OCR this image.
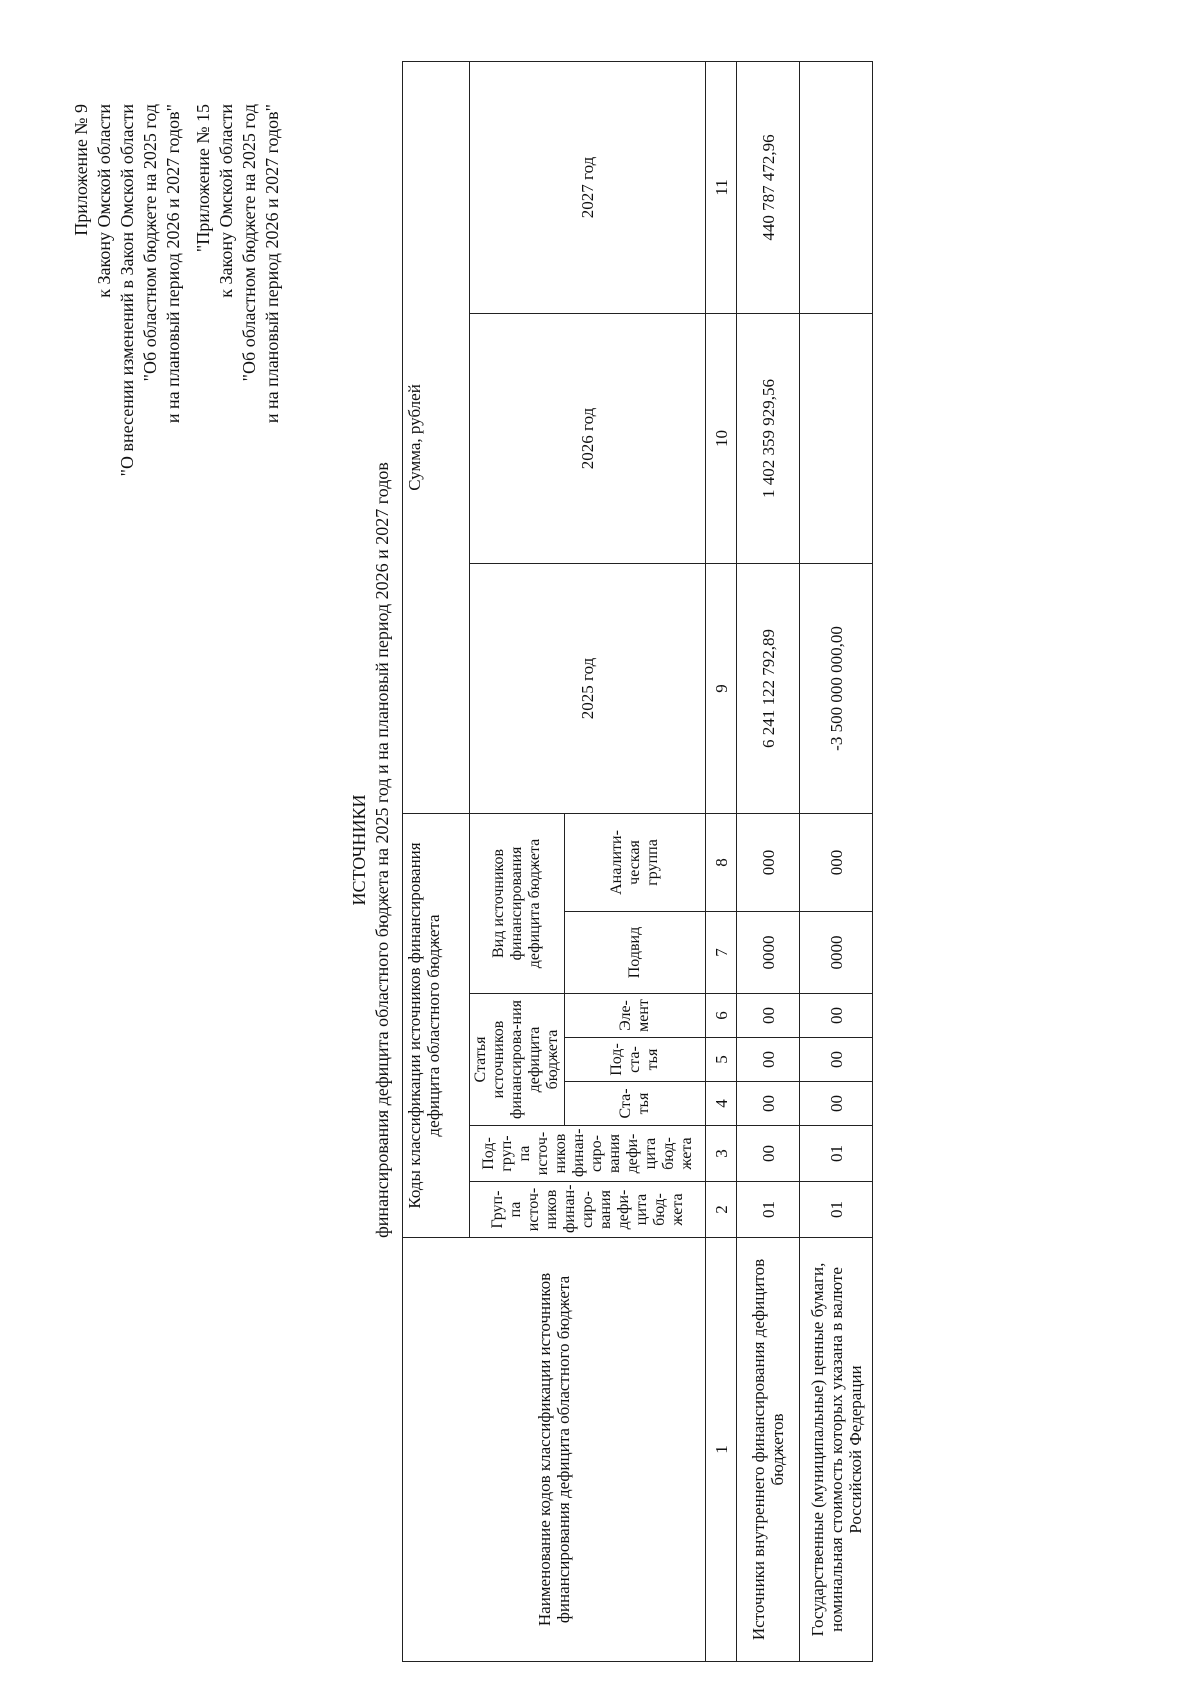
Приложение № 9 к Закону Омской области "О внесении изменений в Закон Омской области "Об областном бюджете на 2025 год и на плановый период 2026 и 2027 годов" "Приложение № 15 к Закону Омской области "Об областном бюджете на 2025 год и на плановый период 2026 и 2027 годов"
ИСТОЧНИКИ финансирования дефицита областного бюджета на 2025 год и на плановый период 2026 и 2027 годов
Наименование кодов классификации источников финансирования дефицита областного бюджета	Коды классификации источников финансирования дефицита областного бюджета							Сумма, рублей		
	Груп-па источ-ников финан-сиро-вания дефи-цита бюд-жета	Под-груп-па источ-ников финан-сиро-вания дефи-цита бюд-жета	Статья источников финансирова-ния дефицита бюджета			Вид источников финансирования дефицита бюджета		2025 год	2026 год	2027 год
			Ста-тья	Под-ста-тья	Эле-мент	Подвид	Аналити-ческая группа			
1	2	3	4	5	6	7	8	9	10	11
Источники внутреннего финансирования дефицитов бюджетов	01	00	00	00	00	0000	000	6 241 122 792,89	1 402 359 929,56	440 787 472,96
Государственные (муниципальные) ценные бумаги, номинальная стоимость которых указана в валюте Российской Федерации	01	01	00	00	00	0000	000	-3 500 000 000,00		
